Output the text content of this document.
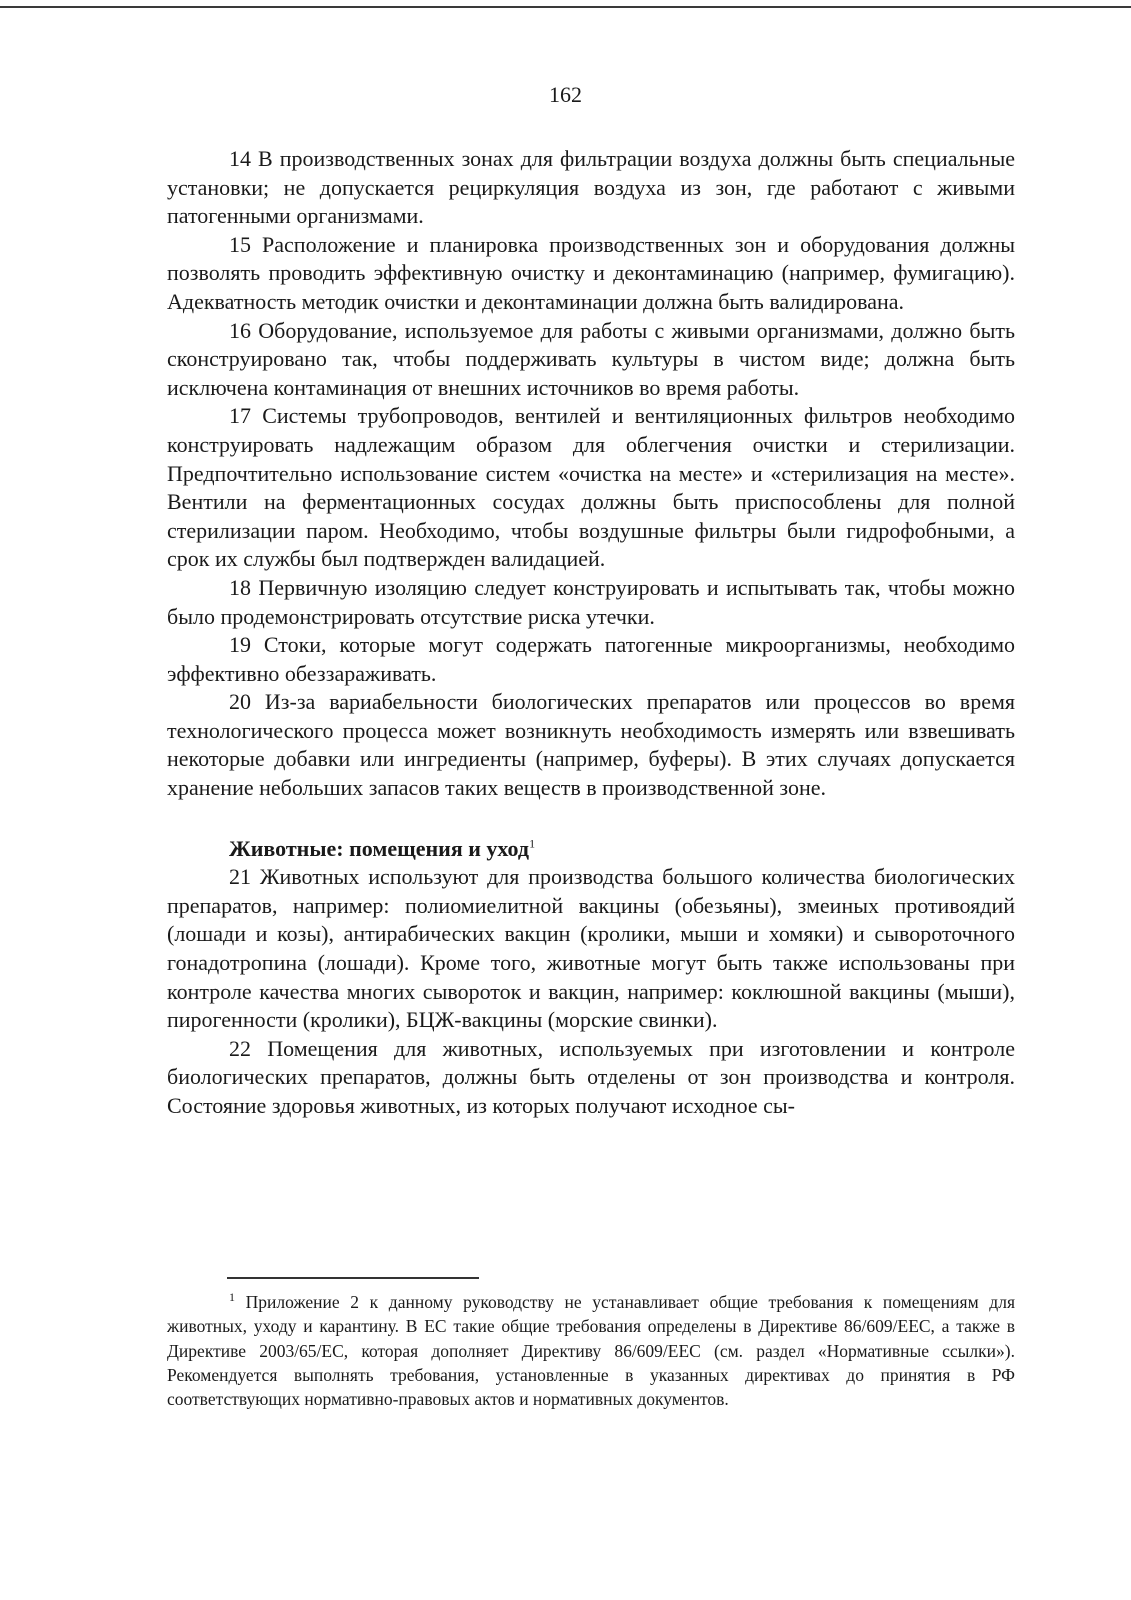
162

14 В производственных зонах для фильтрации воздуха должны быть специальные установки; не допускается рециркуляция воздуха из зон, где работают с живыми патогенными организмами.

15 Расположение и планировка производственных зон и оборудования должны позволять проводить эффективную очистку и деконтаминацию (например, фумигацию). Адекватность методик очистки и деконтаминации должна быть валидирована.

16 Оборудование, используемое для работы с живыми организмами, должно быть сконструировано так, чтобы поддерживать культуры в чистом виде; должна быть исключена контаминация от внешних источников во время работы.

17 Системы трубопроводов, вентилей и вентиляционных фильтров необходимо конструировать надлежащим образом для облегчения очистки и стерилизации. Предпочтительно использование систем «очистка на месте» и «стерилизация на месте». Вентили на ферментационных сосудах должны быть приспособлены для полной стерилизации паром. Необходимо, чтобы воздушные фильтры были гидрофобными, а срок их службы был подтвержден валидацией.

18 Первичную изоляцию следует конструировать и испытывать так, чтобы можно было продемонстрировать отсутствие риска утечки.

19 Стоки, которые могут содержать патогенные микроорганизмы, необходимо эффективно обеззараживать.

20 Из-за вариабельности биологических препаратов или процессов во время технологического процесса может возникнуть необходимость измерять или взвешивать некоторые добавки или ингредиенты (например, буферы). В этих случаях допускается хранение небольших запасов таких веществ в производственной зоне.

Животные: помещения и уход$^1$

21 Животных используют для производства большого количества биологических препаратов, например: полиомиелитной вакцины (обезьяны), змеиных противоядий (лошади и козы), антирабических вакцин (кролики, мыши и хомяки) и сывороточного гонадотропина (лошади). Кроме того, животные могут быть также использованы при контроле качества многих сывороток и вакцин, например: коклюшной вакцины (мыши), пирогенности (кролики), БЦЖ-вакцины (морские свинки).

22 Помещения для животных, используемых при изготовлении и контроле биологических препаратов, должны быть отделены от зон производства и контроля. Состояние здоровья животных, из которых получают исходное сы-

$^1$ Приложение 2 к данному руководству не устанавливает общие требования к помещениям для животных, уходу и карантину. В ЕС такие общие требования определены в Директиве 86/609/EEC, а также в Директиве 2003/65/EC, которая дополняет Директиву 86/609/EEC (см. раздел «Нормативные ссылки»). Рекомендуется выполнять требования, установленные в указанных директивах до принятия в РФ соответствующих нормативно-правовых актов и нормативных документов.
